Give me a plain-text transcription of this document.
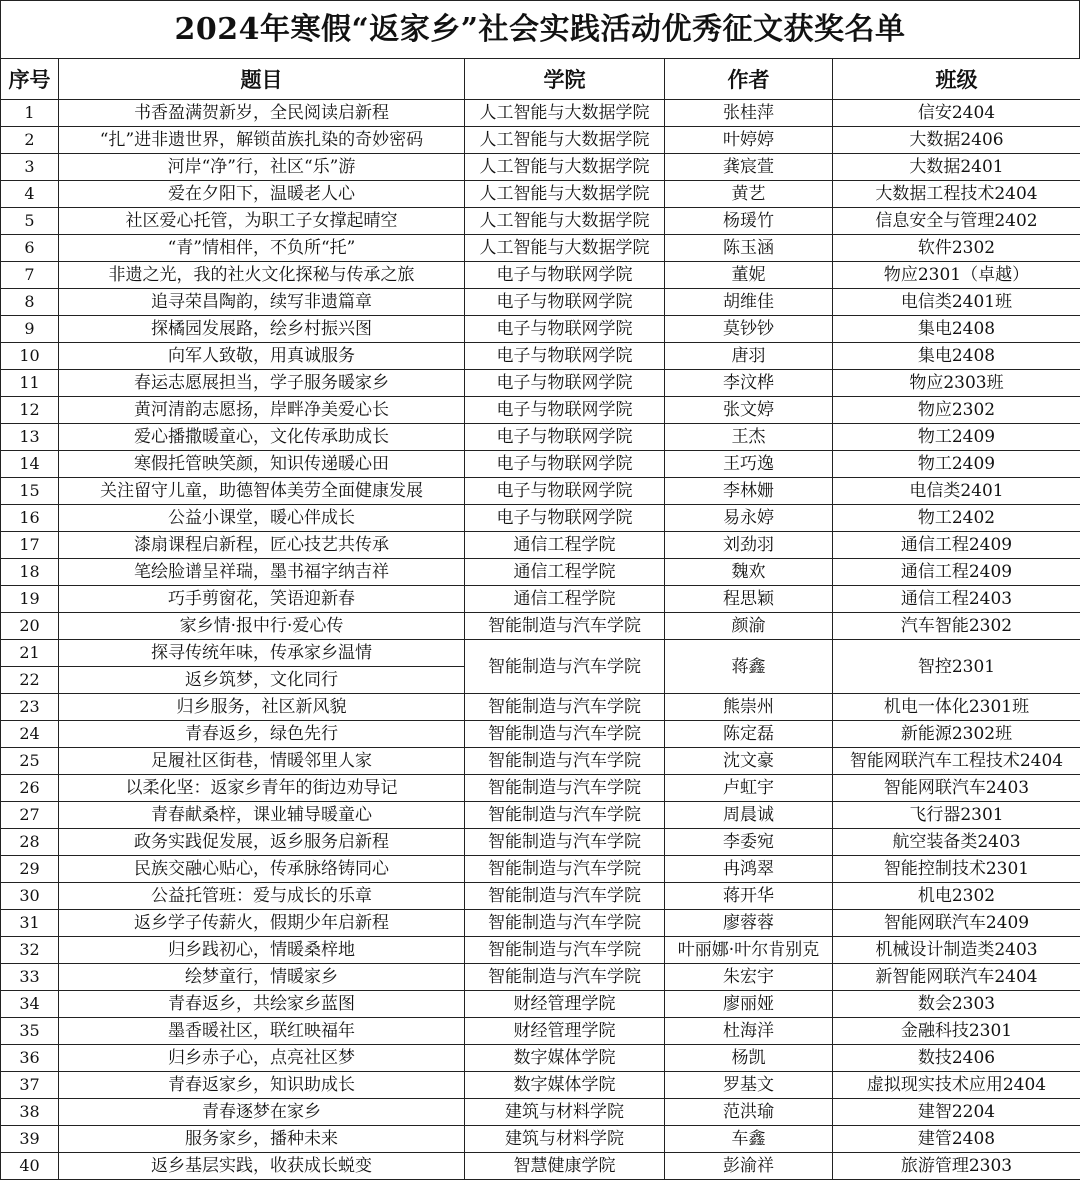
2024年寒假“返家乡”社会实践活动优秀征文获奖名单
序号	题目	学院	作者	班级
1	书香盈满贺新岁，全民阅读启新程	人工智能与大数据学院	张桂萍	信安2404
2	“扎”进非遗世界，解锁苗族扎染的奇妙密码	人工智能与大数据学院	叶婷婷	大数据2406
3	河岸“净”行，社区“乐”游	人工智能与大数据学院	龚宸萱	大数据2401
4	爱在夕阳下，温暖老人心	人工智能与大数据学院	黄艺	大数据工程技术2404
5	社区爱心托管，为职工子女撑起晴空	人工智能与大数据学院	杨瑗竹	信息安全与管理2402
6	“青”情相伴，不负所“托”	人工智能与大数据学院	陈玉涵	软件2302
7	非遗之光，我的社火文化探秘与传承之旅	电子与物联网学院	董妮	物应2301（卓越）
8	追寻荣昌陶韵，续写非遗篇章	电子与物联网学院	胡维佳	电信类2401班
9	探橘园发展路，绘乡村振兴图	电子与物联网学院	莫钞钞	集电2408
10	向军人致敬，用真诚服务	电子与物联网学院	唐羽	集电2408
11	春运志愿展担当，学子服务暖家乡	电子与物联网学院	李汶桦	物应2303班
12	黄河清韵志愿扬，岸畔净美爱心长	电子与物联网学院	张文婷	物应2302
13	爱心播撒暖童心，文化传承助成长	电子与物联网学院	王杰	物工2409
14	寒假托管映笑颜，知识传递暖心田	电子与物联网学院	王巧逸	物工2409
15	关注留守儿童，助德智体美劳全面健康发展	电子与物联网学院	李林姗	电信类2401
16	公益小课堂，暖心伴成长	电子与物联网学院	易永婷	物工2402
17	漆扇课程启新程，匠心技艺共传承	通信工程学院	刘劲羽	通信工程2409
18	笔绘脸谱呈祥瑞，墨书福字纳吉祥	通信工程学院	魏欢	通信工程2409
19	巧手剪窗花，笑语迎新春	通信工程学院	程思颖	通信工程2403
20	家乡情·报中行·爱心传	智能制造与汽车学院	颜渝	汽车智能2302
21	探寻传统年味，传承家乡温情	智能制造与汽车学院	蒋鑫	智控2301
22	返乡筑梦，文化同行			
23	归乡服务，社区新风貌	智能制造与汽车学院	熊崇州	机电一体化2301班
24	青春返乡，绿色先行	智能制造与汽车学院	陈定磊	新能源2302班
25	足履社区街巷，情暖邻里人家	智能制造与汽车学院	沈文豪	智能网联汽车工程技术2404
26	以柔化坚：返家乡青年的街边劝导记	智能制造与汽车学院	卢虹宇	智能网联汽车2403
27	青春献桑梓，课业辅导暖童心	智能制造与汽车学院	周晨诚	飞行器2301
28	政务实践促发展，返乡服务启新程	智能制造与汽车学院	李委宛	航空装备类2403
29	民族交融心贴心，传承脉络铸同心	智能制造与汽车学院	冉鸿翠	智能控制技术2301
30	公益托管班：爱与成长的乐章	智能制造与汽车学院	蒋开华	机电2302
31	返乡学子传薪火，假期少年启新程	智能制造与汽车学院	廖蓉蓉	智能网联汽车2409
32	归乡践初心，情暖桑梓地	智能制造与汽车学院	叶丽娜·叶尔肯别克	机械设计制造类2403
33	绘梦童行，情暖家乡	智能制造与汽车学院	朱宏宇	新智能网联汽车2404
34	青春返乡，共绘家乡蓝图	财经管理学院	廖丽娅	数会2303
35	墨香暖社区，联红映福年	财经管理学院	杜海洋	金融科技2301
36	归乡赤子心，点亮社区梦	数字媒体学院	杨凯	数技2406
37	青春返家乡，知识助成长	数字媒体学院	罗基文	虚拟现实技术应用2404
38	青春逐梦在家乡	建筑与材料学院	范洪瑜	建智2204
39	服务家乡，播种未来	建筑与材料学院	车鑫	建管2408
40	返乡基层实践，收获成长蜕变	智慧健康学院	彭渝祥	旅游管理2303
